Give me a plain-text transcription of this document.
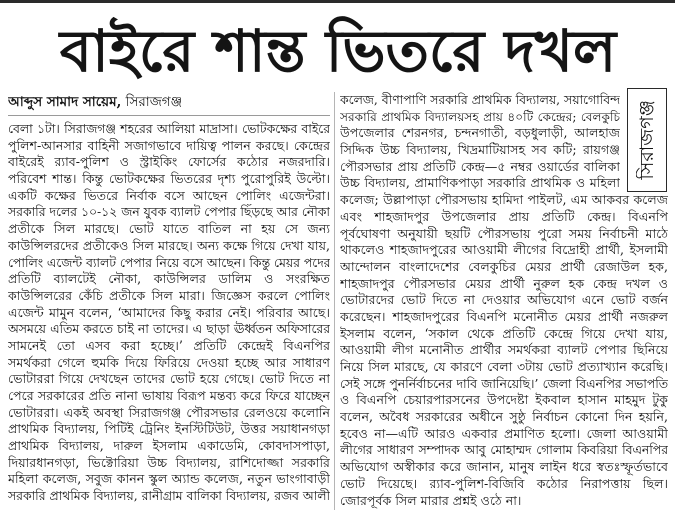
বাইরে শান্ত ভিতরে দখল
আব্দুস সামাদ সায়েম, সিরাজগঞ্জ	সিরাজগঞ্জ
বেলা ১টা। সিরাজগঞ্জ শহরের আলিয়া মাদ্রাসা। ভোটকক্ষের বাইরে
পুলিশ-আনসার বাহিনী সজাগভাবে দায়িত্ব পালন করছে। কেন্দ্রের
বাইরেই র‌্যাব-পুলিশ ও স্ট্রাইকিং ফোর্সের কঠোর নজরদারি।
পরিবেশ শান্ত। কিন্তু ভোটকক্ষের ভিতরের দৃশ্য পুরোপুরিই উল্টো।
একটি কক্ষের ভিতরে নির্বাক বসে আছেন পোলিং এজেন্টরা।
সরকারি দলের ১০-১২ জন যুবক ব্যালট পেপার ছিঁড়ছে আর নৌকা
প্রতীকে সিল মারছে। ভোট যাতে বাতিল না হয় সে জন্য
কাউন্সিলরদের প্রতীকেও সিল মারছে। অন্য কক্ষে গিয়ে দেখা যায়,
পোলিং এজেন্ট ব্যালট পেপার নিয়ে বসে আছেন। কিন্তু মেয়র পদের
প্রতিটি ব্যালটেই নৌকা, কাউন্সিলর ডালিম ও সংরক্ষিত
কাউন্সিলরের কেঁচি প্রতীকে সিল মারা। জিজ্ঞেস করলে পোলিং
এজেন্ট মামুন বলেন, ‘আমাদের কিছু করার নেই। পরিবার আছে।
অসময়ে এতিম করতে চাই না তাদের। এ ছাড়া ঊর্ধ্বতন অফিসারের
সামনেই তো এসব করা হচ্ছে।’ প্রতিটি কেন্দ্রেই বিএনপির
সমর্থকরা গেলে হুমকি দিয়ে ফিরিয়ে দেওয়া হচ্ছে আর সাধারণ
ভোটাররা গিয়ে দেখছেন তাদের ভোট হয়ে গেছে। ভোট দিতে না
পেরে সরকারের প্রতি নানা ভাষায় বিরূপ মন্তব্য করে ফিরে যাচ্ছেন
ভোটাররা। একই অবস্থা সিরাজগঞ্জ পৌরসভার রেলওয়ে কলোনি
প্রাথমিক বিদ্যালয়, পিটিই ট্রেনিং ইনস্টিটিউট, উত্তর সয়াধানগড়া
প্রাথমিক বিদ্যালয়, দারুল ইসলাম একাডেমি, কোবদাসপাড়া,
দিয়ারধানগড়া, ভিক্টোরিয়া উচ্চ বিদ্যালয়, রাশিদোজ্জা সরকারি
মহিলা কলেজ, সবুজ কানন স্কুল অ্যান্ড কলেজ, নতুন ভাংগাবাড়ী
সরকারি প্রাথমিক বিদ্যালয়, রানীগ্রাম বালিকা বিদ্যালয়, রজব আলী
কলেজ, বীণাপাণি সরকারি প্রাথমিক বিদ্যালয়, সয়াগোবিন্দ
সরকারি প্রাথমিক বিদ্যালয়সহ প্রায় ৪০টি কেন্দ্রের; বেলকুচি
উপজেলার শেরনগর, চন্দনগাতী, বড়ধুলাড়ী, আলহাজ
সিদ্দিক উচ্চ বিদ্যালয়, খিদ্রমাটিয়াসহ সব কটি; রায়গঞ্জ
পৌরসভার প্রায় প্রতিটি কেন্দ্র—৫ নম্বর ওয়ার্ডের বালিকা
উচ্চ বিদ্যালয়, প্রামাণিকপাড়া সরকারি প্রাথমিক ও মহিলা
কলেজ; উল্লাপাড়া পৌরসভায় হামিদা পাইলট, এম আকবর কলেজ
এবং শাহজাদপুর উপজেলার প্রায় প্রতিটি কেন্দ্র। বিএনপি
পূর্বঘোষণা অনুযায়ী ছয়টি পৌরসভায় পুরো সময় নির্বাচনী মাঠে
থাকলেও শাহজাদপুরের আওয়ামী লীগের বিদ্রোহী প্রার্থী, ইসলামী
আন্দোলন বাংলাদেশের বেলকুচির মেয়র প্রার্থী রেজাউল হক,
শাহজাদপুর পৌরসভার মেয়র প্রার্থী নুরুল হক কেন্দ্র দখল ও
ভোটারদের ভোট দিতে না দেওয়ার অভিযোগ এনে ভোট বর্জন
করেছেন। শাহজাদপুরের বিএনপি মনোনীত মেয়র প্রার্থী নজরুল
ইসলাম বলেন, ‘সকাল থেকে প্রতিটি কেন্দ্রে গিয়ে দেখা যায়,
আওয়ামী লীগ মনোনীত প্রার্থীর সমর্থকরা ব্যালট পেপার ছিনিয়ে
নিয়ে সিল মারছে, যে কারণে বেলা ৩টায় ভোট প্রত্যাখ্যান করেছি।
সেই সঙ্গে পুনর্নির্বাচনের দাবি জানিয়েছি।’ জেলা বিএনপির সভাপতি
ও বিএনপি চেয়ারপারসনের উপদেষ্টা ইকবাল হাসান মাহমুদ টুকু
বলেন, অবৈধ সরকারের অধীনে সুষ্ঠু নির্বাচন কোনো দিন হয়নি,
হবেও না—এটি আরও একবার প্রমাণিত হলো। জেলা আওয়ামী
লীগের সাধারণ সম্পাদক আবু মোহাম্মদ গোলাম কিবরিয়া বিএনপির
অভিযোগ অস্বীকার করে জানান, মানুষ লাইন ধরে স্বতঃস্ফূর্তভাবে
ভোট দিয়েছে। র‌্যাব-পুলিশ-বিজিবি কঠোর নিরাপত্তায় ছিল।
জোরপূর্বক সিল মারার প্রশ্নই ওঠে না।
